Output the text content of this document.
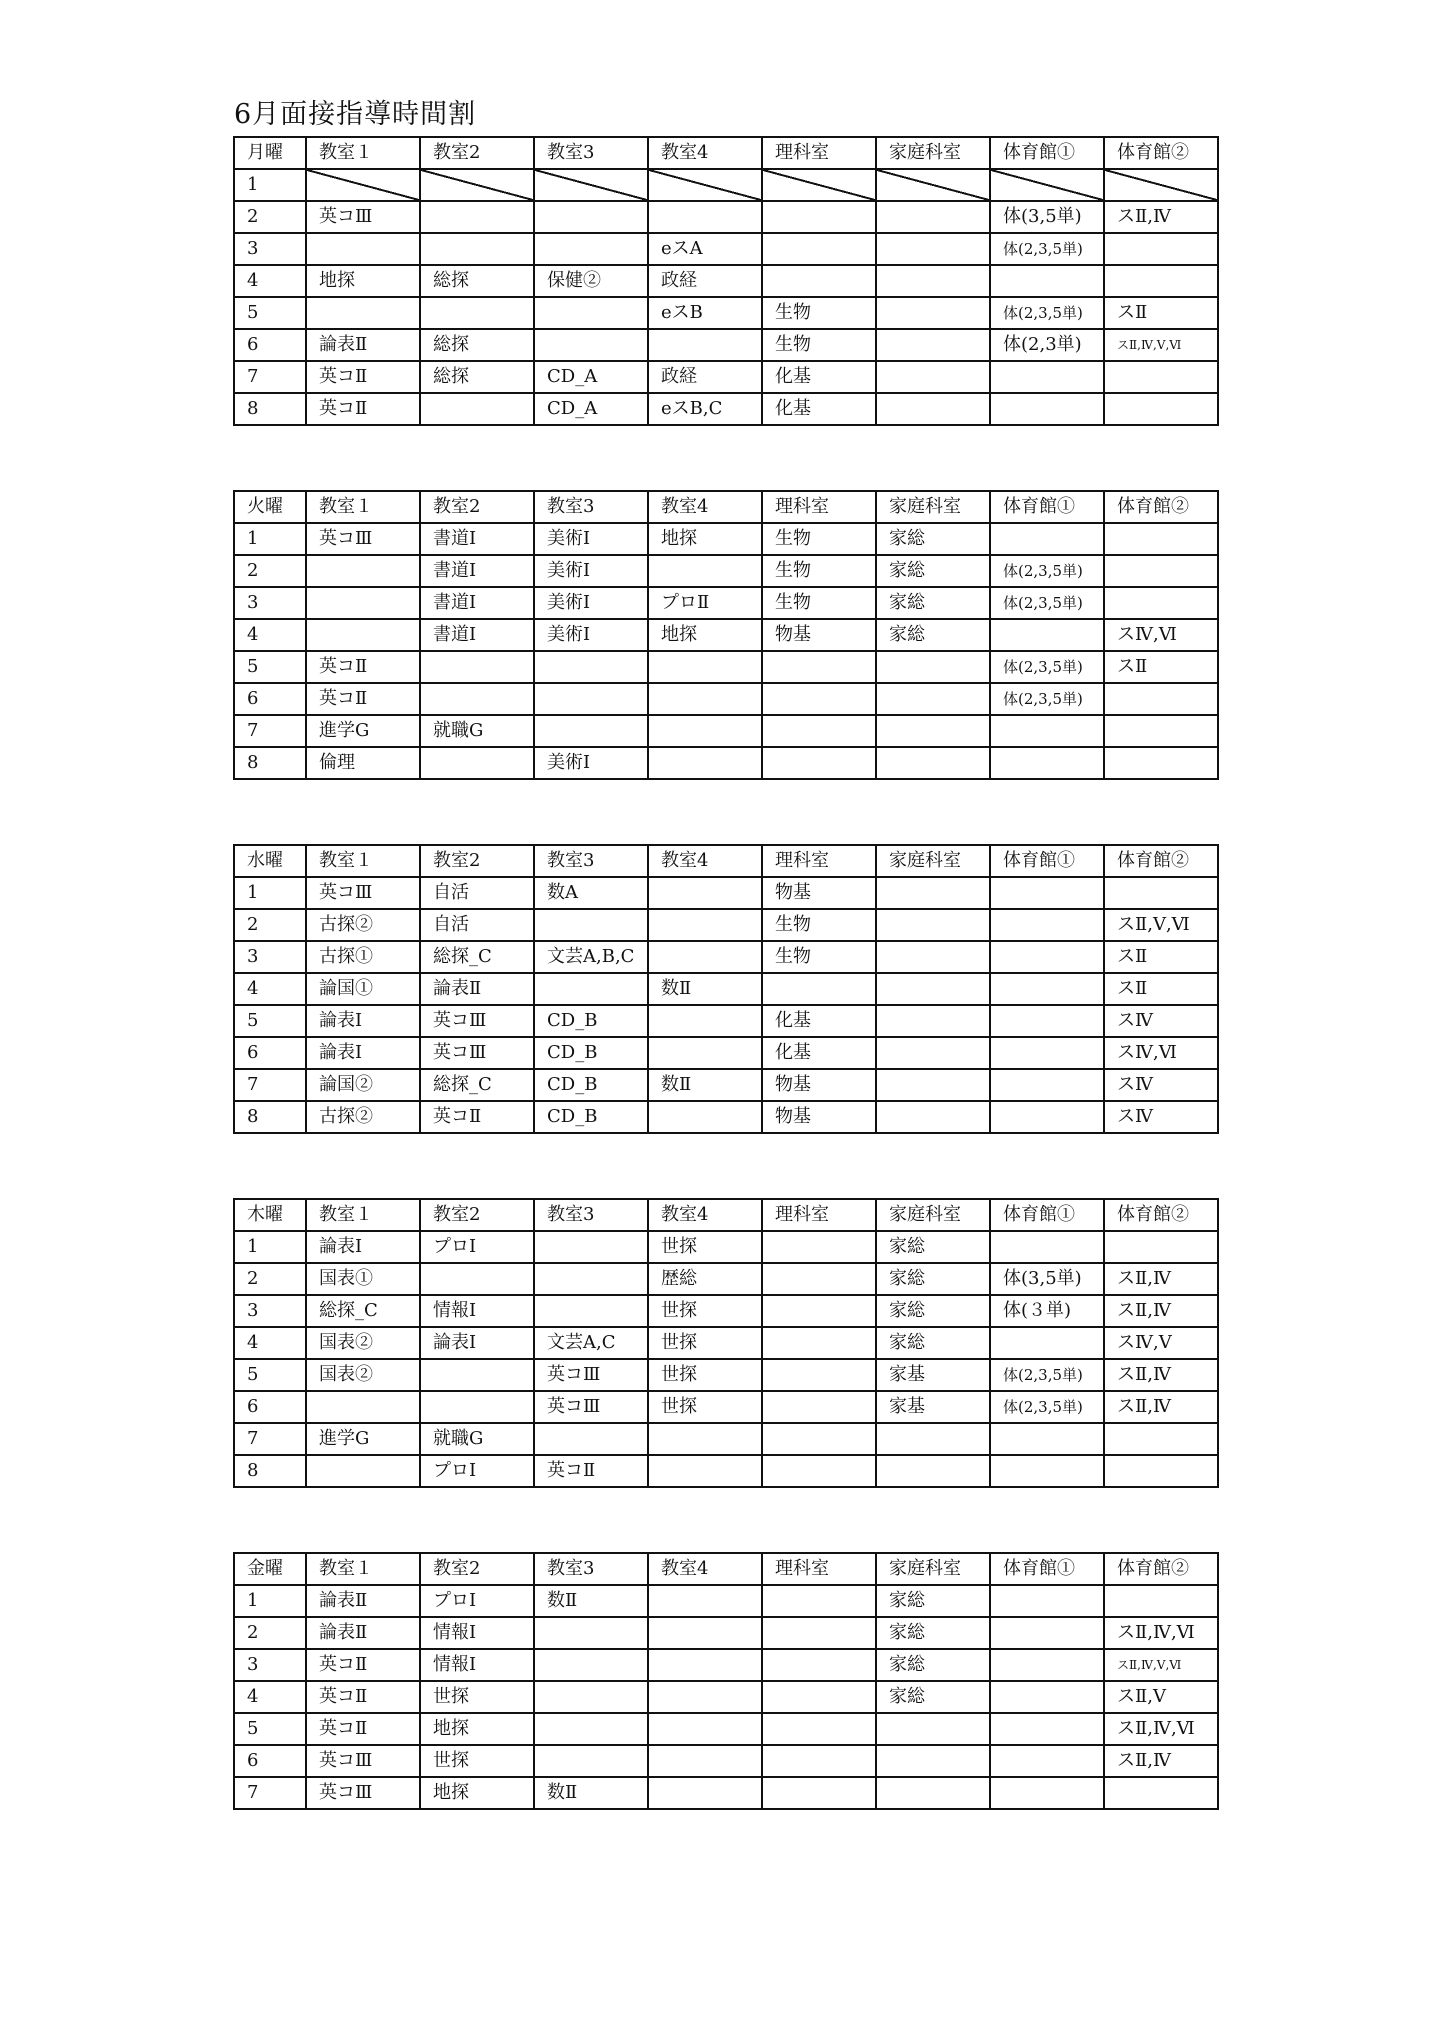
6月面接指導時間割
月曜	教室１	教室2	教室3	教室4	理科室	家庭科室	体育館①	体育館②
1								
2	英コⅢ						体(3,5単)	スⅡ,Ⅳ
3				eスA			体(2,3,5単)	
4	地探	総探	保健②	政経				
5				eスB	生物		体(2,3,5単)	スⅡ
6	論表Ⅱ	総探			生物		体(2,3単)	スⅡ,Ⅳ,Ⅴ,Ⅵ
7	英コⅡ	総探	CD_A	政経	化基			
8	英コⅡ		CD_A	eスB,C	化基			
火曜	教室１	教室2	教室3	教室4	理科室	家庭科室	体育館①	体育館②
1	英コⅢ	書道Ⅰ	美術Ⅰ	地探	生物	家総		
2		書道Ⅰ	美術Ⅰ		生物	家総	体(2,3,5単)	
3		書道Ⅰ	美術Ⅰ	プロⅡ	生物	家総	体(2,3,5単)	
4		書道Ⅰ	美術Ⅰ	地探	物基	家総		スⅣ,Ⅵ
5	英コⅡ						体(2,3,5単)	スⅡ
6	英コⅡ						体(2,3,5単)	
7	進学G	就職G						
8	倫理		美術Ⅰ					
水曜	教室１	教室2	教室3	教室4	理科室	家庭科室	体育館①	体育館②
1	英コⅢ	自活	数A		物基			
2	古探②	自活			生物			スⅡ,Ⅴ,Ⅵ
3	古探①	総探_C	文芸A,B,C		生物			スⅡ
4	論国①	論表Ⅱ		数Ⅱ				スⅡ
5	論表Ⅰ	英コⅢ	CD_B		化基			スⅣ
6	論表Ⅰ	英コⅢ	CD_B		化基			スⅣ,Ⅵ
7	論国②	総探_C	CD_B	数Ⅱ	物基			スⅣ
8	古探②	英コⅡ	CD_B		物基			スⅣ
木曜	教室１	教室2	教室3	教室4	理科室	家庭科室	体育館①	体育館②
1	論表Ⅰ	プロⅠ		世探		家総		
2	国表①			歴総		家総	体(3,5単)	スⅡ,Ⅳ
3	総探_C	情報Ⅰ		世探		家総	体(３単)	スⅡ,Ⅳ
4	国表②	論表Ⅰ	文芸A,C	世探		家総		スⅣ,Ⅴ
5	国表②		英コⅢ	世探		家基	体(2,3,5単)	スⅡ,Ⅳ
6			英コⅢ	世探		家基	体(2,3,5単)	スⅡ,Ⅳ
7	進学G	就職G						
8		プロⅠ	英コⅡ					
金曜	教室１	教室2	教室3	教室4	理科室	家庭科室	体育館①	体育館②
1	論表Ⅱ	プロⅠ	数Ⅱ			家総		
2	論表Ⅱ	情報Ⅰ				家総		スⅡ,Ⅳ,Ⅵ
3	英コⅡ	情報Ⅰ				家総		スⅡ,Ⅳ,Ⅴ,Ⅵ
4	英コⅡ	世探				家総		スⅡ,Ⅴ
5	英コⅡ	地探						スⅡ,Ⅳ,Ⅵ
6	英コⅢ	世探						スⅡ,Ⅳ
7	英コⅢ	地探	数Ⅱ					
